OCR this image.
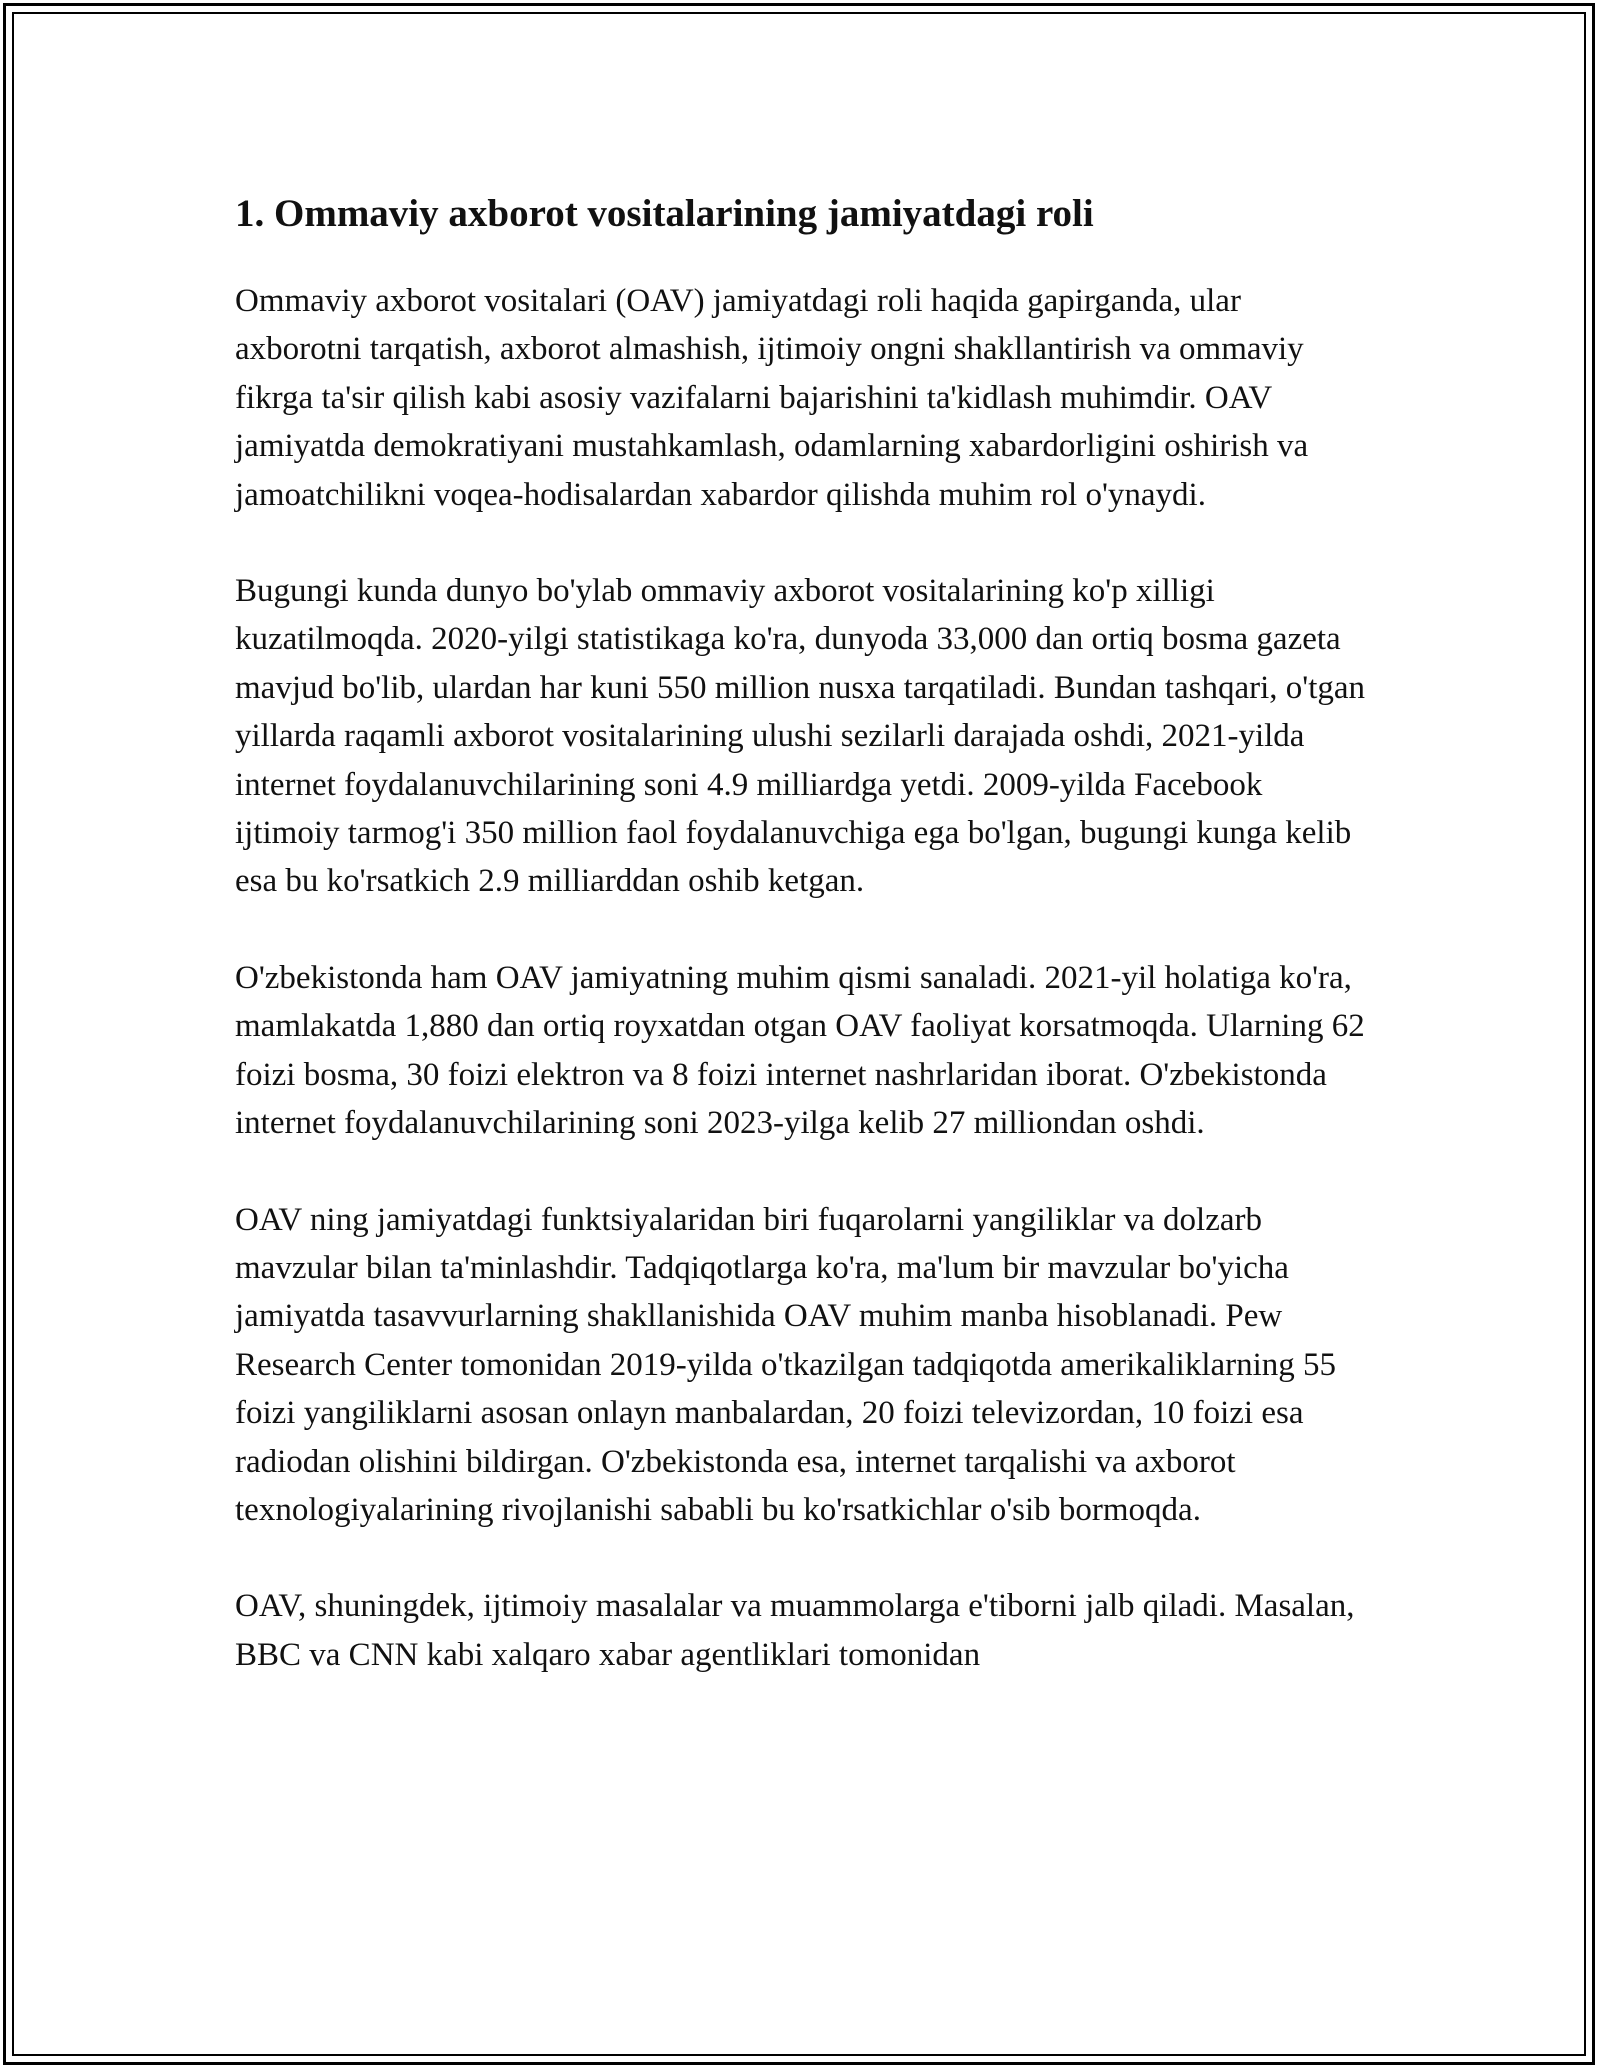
1. Ommaviy axborot vositalarining jamiyatdagi roli

Ommaviy axborot vositalari (OAV) jamiyatdagi roli haqida gapirganda, ular axborotni tarqatish, axborot almashish, ijtimoiy ongni shakllantirish va ommaviy fikrga ta'sir qilish kabi asosiy vazifalarni bajarishini ta'kidlash muhimdir. OAV jamiyatda demokratiyani mustahkamlash, odamlarning xabardorligini oshirish va jamoatchilikni voqea-hodisalardan xabardor qilishda muhim rol o'ynaydi.

Bugungi kunda dunyo bo'ylab ommaviy axborot vositalarining ko'p xilligi kuzatilmoqda. 2020-yilgi statistikaga ko'ra, dunyoda 33,000 dan ortiq bosma gazeta mavjud bo'lib, ulardan har kuni 550 million nusxa tarqatiladi. Bundan tashqari, o'tgan yillarda raqamli axborot vositalarining ulushi sezilarli darajada oshdi, 2021-yilda internet foydalanuvchilarining soni 4.9 milliardga yetdi. 2009-yilda Facebook ijtimoiy tarmog'i 350 million faol foydalanuvchiga ega bo'lgan, bugungi kunga kelib esa bu ko'rsatkich 2.9 milliarddan oshib ketgan.

O'zbekistonda ham OAV jamiyatning muhim qismi sanaladi. 2021-yil holatiga ko'ra, mamlakatda 1,880 dan ortiq royxatdan otgan OAV faoliyat korsatmoqda. Ularning 62 foizi bosma, 30 foizi elektron va 8 foizi internet nashrlaridan iborat. O'zbekistonda internet foydalanuvchilarining soni 2023-yilga kelib 27 milliondan oshdi.

OAV ning jamiyatdagi funktsiyalaridan biri fuqarolarni yangiliklar va dolzarb mavzular bilan ta'minlashdir. Tadqiqotlarga ko'ra, ma'lum bir mavzular bo'yicha jamiyatda tasavvurlarning shakllanishida OAV muhim manba hisoblanadi. Pew Research Center tomonidan 2019-yilda o'tkazilgan tadqiqotda amerikaliklarning 55 foizi yangiliklarni asosan onlayn manbalardan, 20 foizi televizordan, 10 foizi esa radiodan olishini bildirgan. O'zbekistonda esa, internet tarqalishi va axborot texnologiyalarining rivojlanishi sababli bu ko'rsatkichlar o'sib bormoqda.

OAV, shuningdek, ijtimoiy masalalar va muammolarga e'tiborni jalb qiladi. Masalan, BBC va CNN kabi xalqaro xabar agentliklari tomonidan
